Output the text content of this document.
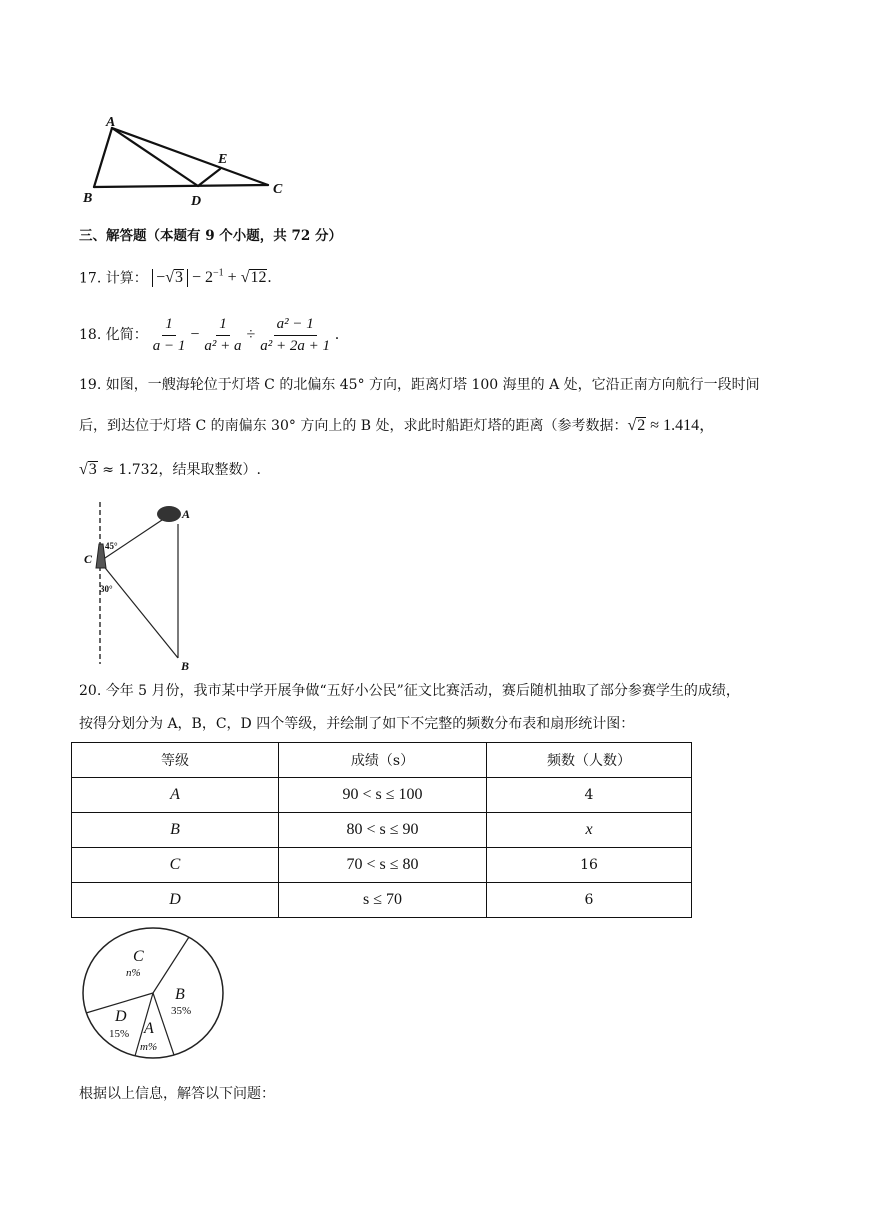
A
B
C
D
E
三、解答题（本题有 9 个小题，共 72 分）
17. 计算： $-√3 - 2^{-1} + √12$.
18. 化简： $\frac{1}{a - 1} - \frac{1}{\text{a² + a}} \div \frac{\text{a² − 1}}{\text{a² + 2a + 1}}$ .
19. 如图，一艘海轮位于灯塔 C 的北偏东 45° 方向，距离灯塔 100 海里的 A 处，它沿正南方向航行一段时间
后，到达位于灯塔 C 的南偏东 30° 方向上的 B 处，求此时船距灯塔的距离（参考数据：√2 ≈ 1.414，
√3 ≈ 1.732，结果取整数）.
A
C
B
45°
30°
20. 今年 5 月份，我市某中学开展争做“五好小公民”征文比赛活动，赛后随机抽取了部分参赛学生的成绩，
按得分划分为 A，B，C，D 四个等级，并绘制了如下不完整的频数分布表和扇形统计图：
等级	成绩（s）	频数（人数）
A	90 < s ≤ 100	4
B	80 < s ≤ 90	x
C	70 < s ≤ 80	16
D	s ≤ 70	6
C
n%
B
35%
A
m%
D
15%
根据以上信息，解答以下问题：
